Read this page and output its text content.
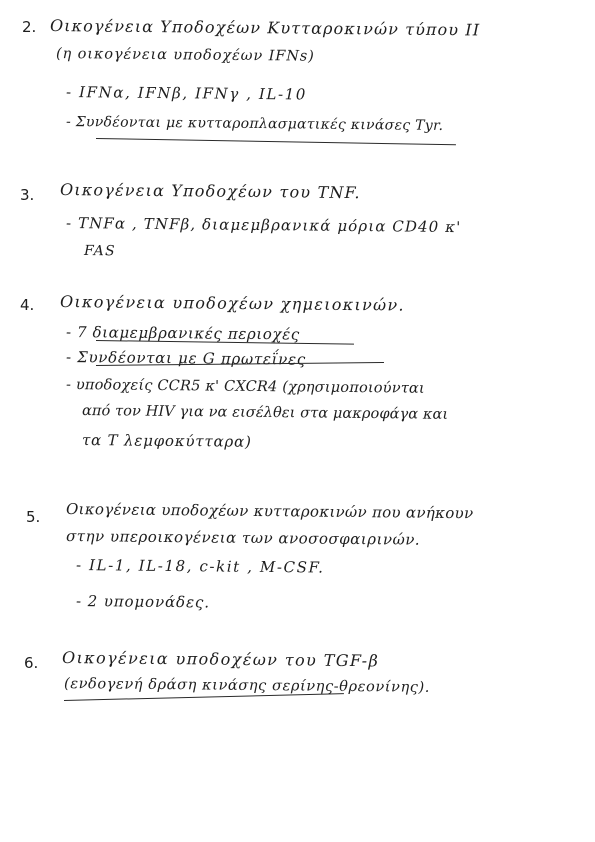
2. Οικογένεια Υποδοχέων Κυτταροκινών τύπου ΙΙ
(η οικογένεια υποδοχέων IFNs)
- IFNα, IFNβ, IFNγ , IL-10
- Συνδέονται με κυτταροπλασματικές κινάσες Tyr.
3. Οικογένεια Υποδοχέων του TNF.
- TNFα , TNFβ, διαμεμβρανικά μόρια CD40 κ'
FAS
4. Οικογένεια υποδοχέων χημειοκινών.
- 7 διαμεμβρανικές περιοχές
- Συνδέονται με G πρωτεΐνες
- υποδοχείς CCR5 κ' CXCR4 (χρησιμοποιούνται
από τον HIV για να εισέλθει στα μακροφάγα και
τα Τ λεμφοκύτταρα)
5. Οικογένεια υποδοχέων κυτταροκινών που ανήκουν
στην υπεροικογένεια των ανοσοσφαιρινών.
- IL-1, IL-18, c-kit , M-CSF.
- 2 υπομονάδες.
6. Οικογένεια υποδοχέων του TGF-β
(ενδογενή δράση κινάσης σερίνης-θρεονίνης).
